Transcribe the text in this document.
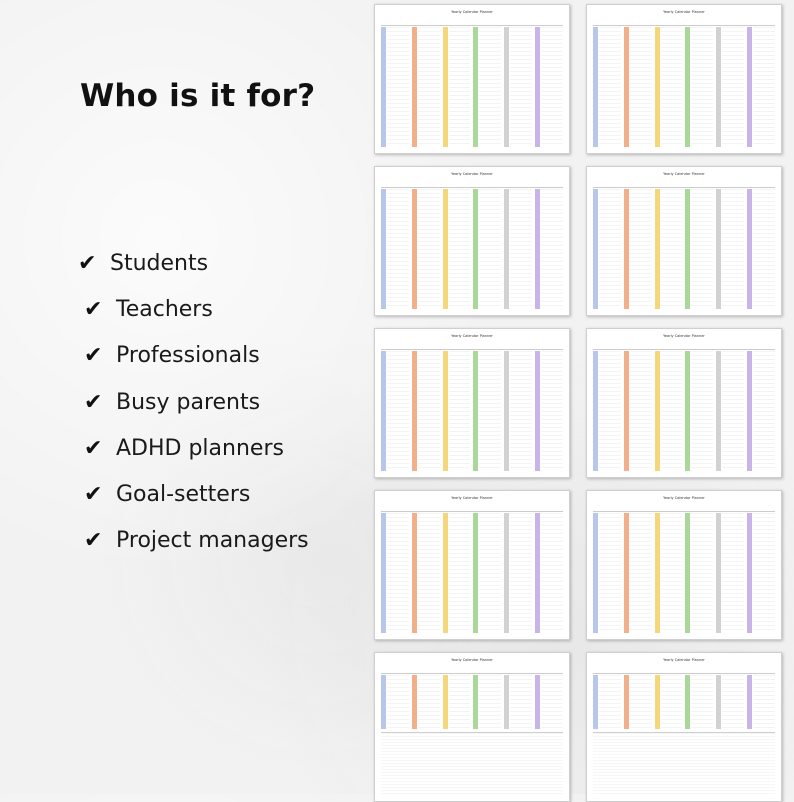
Who is it for?
✔ Students
✔ Teachers
✔ Professionals
✔ Busy parents
✔ ADHD planners
✔ Goal-setters
✔ Project managers
Yearly Calendar Planner	Yearly Calendar Planner
Yearly Calendar Planner	Yearly Calendar Planner
Yearly Calendar Planner	Yearly Calendar Planner
Yearly Calendar Planner	Yearly Calendar Planner
Yearly Calendar Planner	Yearly Calendar Planner
